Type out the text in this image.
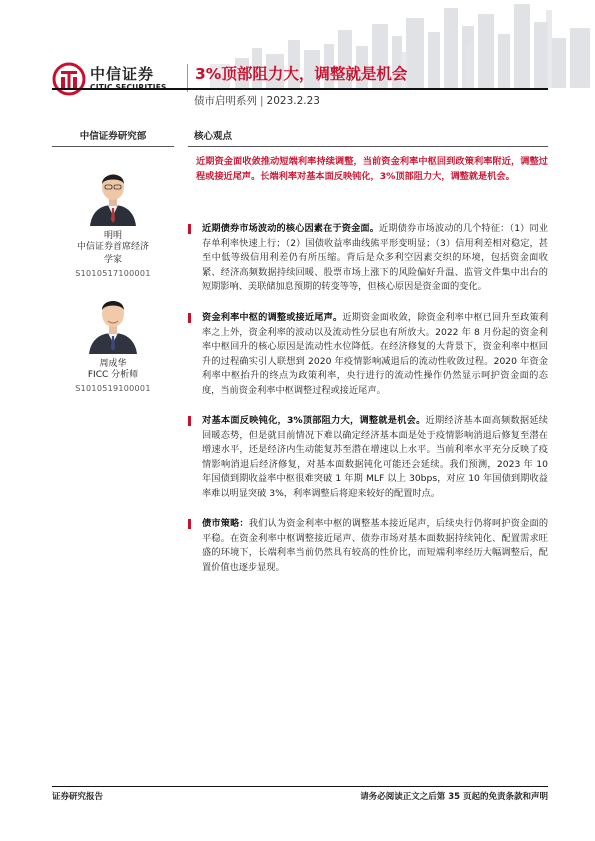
中信证券	3%顶部阻力大，调整就是机会
债市启明系列 | 2023.2.23
中信证券研究部
明明
中信证券首席经济
学家
S1010517100001
周成华
FICC 分析师
S1010519100001
核心观点
近期资金面收敛推动短端利率持续调整，当前资金利率中枢回到政策利率附近，调整过程或接近尾声。长端利率对基本面反映钝化，3%顶部阻力大，调整就是机会。
近期债券市场波动的核心因素在于资金面。近期债券市场波动的几个特征：（1）同业存单利率快速上行；（2）国债收益率曲线熊平形变明显；（3）信用利差相对稳定，甚至中低等级信用利差仍有所压缩。背后是众多利空因素交织的环境，包括资金面收紧、经济高频数据持续回暖、股票市场上涨下的风险偏好升温、监管文件集中出台的短期影响、美联储加息预期的转变等等，但核心原因是资金面的变化。
资金利率中枢的调整或接近尾声。近期资金面收敛，除资金利率中枢已回升至政策利率之上外，资金利率的波动以及流动性分层也有所放大。2022 年 8 月份起的资金利率中枢回升的核心原因是流动性水位降低。在经济修复的大背景下，资金利率中枢回升的过程确实引人联想到 2020 年疫情影响减退后的流动性收敛过程。2020 年资金利率中枢抬升的终点为政策利率，央行进行的流动性操作仍然显示呵护资金面的态度，当前资金利率中枢调整过程或接近尾声。
对基本面反映钝化，3%顶部阻力大，调整就是机会。近期经济基本面高频数据延续回暖态势，但是就目前情况下难以确定经济基本面是处于疫情影响消退后修复至潜在增速水平，还是经济内生动能复苏至潜在增速以上水平。当前利率水平充分反映了疫情影响消退后经济修复，对基本面数据钝化可能还会延续。我们预测，2023 年 10 年国债到期收益率中枢很难突破 1 年期 MLF 以上 30bps，对应 10 年国债到期收益率难以明显突破 3%，利率调整后将迎来较好的配置时点。
债市策略：我们认为资金利率中枢的调整基本接近尾声，后续央行仍将呵护资金面的平稳。在资金利率中枢调整接近尾声、债券市场对基本面数据持续钝化、配置需求旺盛的环境下，长端利率当前仍然具有较高的性价比，而短端利率经历大幅调整后，配置价值也逐步显现。
证券研究报告	请务必阅读正文之后第 35 页起的免责条款和声明
